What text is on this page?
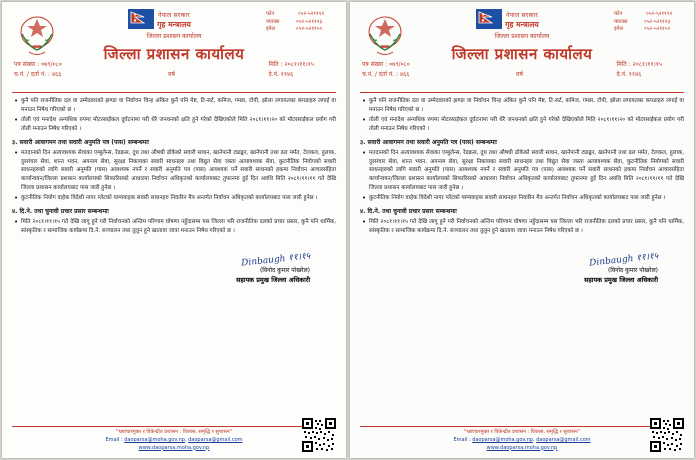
नेपाल सरकार
गृह मन्त्रालय
जिल्ला प्रशासन कार्यालय
जिल्ला प्रशासन कार्यालय
फोन	०५२-५२१११२
फ्याक्स	०५२-५२११२३
इमेल	०५२-५२११५०
पत्र संख्या : ०७९/०८०
च.नं. / दर्ता नं. : ४६६	वर्ष
मिति : २०८१।११।१५
दे.नं. ११४६
• कुनै पनि राजनीतिक दल वा उम्मेदवारको झण्डा वा निर्वाचन चिन्ह अंकित कुनै पनि मेष्ट, टि-सर्ट, कमिज, गम्छा, टोपी, झोला लगायतका कपडाहरु लगाई वा मनाउन निषेध गरिएको छ ।
• तोली एवं मनादेश अन्यथिक रुपमा मोटरसाईकल दुर्घटनामा परी धेरै जनधनको क्षति हुने गरेको देखिएकोले मिति २०८१।११।२० को मोटरसाईकल प्रयोग गरी तोली मनाउन निषेध गरिएको ।
३. सवारी आवागमन तथा सवारी अनुमति पत्र (पास) सम्बन्धमाः
• मतदानको दिन अत्यावश्यक सेवाका एम्बुलेन्स, रेडक्रस, दुध तथा औषधी ढोकेको सवारी साधन, खानेपानी ट्याङ्कर, खानेपानी तथा ढल मर्मत, टेलकल, हुलाक, दुरसंचार सेवा, शान्त भवन, अपनाम सेवा, सुरक्षा निकायका सवारी साधनहरु तथा विद्युत सेवा जस्ता अत्यावश्यक सेवा, कुटनीतिक नियोगको सवारी साधनहरुको लागि सवारी अनुमति (पास) आवश्यक नपर्ने र सवारी अनुमति पत्र (पास) आवश्यक पर्ने सवारी साधनको हकमा निर्वाचन आचारसंहिता कार्यान्वयन/जिल्ला प्रशासन कार्यालयको सिफारिसको आधारमा निर्वाचन अधिकृतको कार्यालयबाट तुफानमा हुई दिन अवधि मिति २०८१।११।११ गते देखि जिल्ला प्रशासन कार्यालयबाट पास जारी हुनेछ ।
• कुटनीतिक नियोग वाहेक विदेशी नागर प्लेटको याम्यवाहक सवारी साधनहरु निवारिन मैत्र अन्तर्गत निर्वाचन अधिकृतको कार्यालयबाट पास जारी हुनेछ ।
४. दि.ने. तथा चुनावी प्रचार प्रसार सम्बन्धमाः
• मिति २०८१।११।१५ गते देखि लागू हुने गरी निर्वाचनको अन्तिम परिणाम घोषणा नहुँदासम्म यस जिल्ला भरि राजनीतिक दलको प्रचार प्रसार, कुनै पनि धार्मिक, सांस्कृतिक र सामाजिक कार्यक्रमा दि.ने. सञ्चालन तथा तुलुन हुने खातावा जात्रा मनाउन निषेध गरिएको छ ।
Dinbaugh ११।१५
(विनोद कुमार पोखरेल)
सहायक प्रमुख जिल्ला अधिकारी
"भ्रष्टाचारमुक्त र विकेन्द्रीत प्रशासन : विकास, समृद्धि र सुशासन"
Email : daoparsa@moha.gov.np, daoparsa@gmail.com
www.daoparsa.moha.gov.np
नेपाल सरकार
गृह मन्त्रालय
जिल्ला प्रशासन कार्यालय
जिल्ला प्रशासन कार्यालय
फोन	०५२-५२१११२
फ्याक्स	०५२-५२११२३
इमेल	०५२-५२११५०
पत्र संख्या : ०७९/०८०
च.नं. / दर्ता नं. : ४६६	वर्ष
मिति : २०८१।११।१५
दे.नं. ११४६
• कुनै पनि राजनीतिक दल वा उम्मेदवारको झण्डा वा निर्वाचन चिन्ह अंकित कुनै पनि मेष्ट, टि-सर्ट, कमिज, गम्छा, टोपी, झोला लगायतका कपडाहरु लगाई वा मनाउन निषेध गरिएको छ ।
• तोली एवं मनादेश अन्यथिक रुपमा मोटरसाईकल दुर्घटनामा परी धेरै जनधनको क्षति हुने गरेको देखिएकोले मिति २०८१।११।२० को मोटरसाईकल प्रयोग गरी तोली मनाउन निषेध गरिएको ।
३. सवारी आवागमन तथा सवारी अनुमति पत्र (पास) सम्बन्धमाः
• मतदानको दिन अत्यावश्यक सेवाका एम्बुलेन्स, रेडक्रस, दुध तथा औषधी ढोकेको सवारी साधन, खानेपानी ट्याङ्कर, खानेपानी तथा ढल मर्मत, टेलकल, हुलाक, दुरसंचार सेवा, शान्त भवन, अपनाम सेवा, सुरक्षा निकायका सवारी साधनहरु तथा विद्युत सेवा जस्ता अत्यावश्यक सेवा, कुटनीतिक नियोगको सवारी साधनहरुको लागि सवारी अनुमति (पास) आवश्यक नपर्ने र सवारी अनुमति पत्र (पास) आवश्यक पर्ने सवारी साधनको हकमा निर्वाचन आचारसंहिता कार्यान्वयन/जिल्ला प्रशासन कार्यालयको सिफारिसको आधारमा निर्वाचन अधिकृतको कार्यालयबाट तुफानमा हुई दिन अवधि मिति २०८१।११।११ गते देखि जिल्ला प्रशासन कार्यालयबाट पास जारी हुनेछ ।
• कुटनीतिक नियोग वाहेक विदेशी नागर प्लेटको याम्यवाहक सवारी साधनहरु निवारिन मैत्र अन्तर्गत निर्वाचन अधिकृतको कार्यालयबाट पास जारी हुनेछ ।
४. दि.ने. तथा चुनावी प्रचार प्रसार सम्बन्धमाः
• मिति २०८१।११।१५ गते देखि लागू हुने गरी निर्वाचनको अन्तिम परिणाम घोषणा नहुँदासम्म यस जिल्ला भरि राजनीतिक दलको प्रचार प्रसार, कुनै पनि धार्मिक, सांस्कृतिक र सामाजिक कार्यक्रमा दि.ने. सञ्चालन तथा तुलुन हुने खातावा जात्रा मनाउन निषेध गरिएको छ ।
Dinbaugh ११।१५
(विनोद कुमार पोखरेल)
सहायक प्रमुख जिल्ला अधिकारी
"भ्रष्टाचारमुक्त र विकेन्द्रीत प्रशासन : विकास, समृद्धि र सुशासन"
Email : daoparsa@moha.gov.np, daoparsa@gmail.com
www.daoparsa.moha.gov.np
